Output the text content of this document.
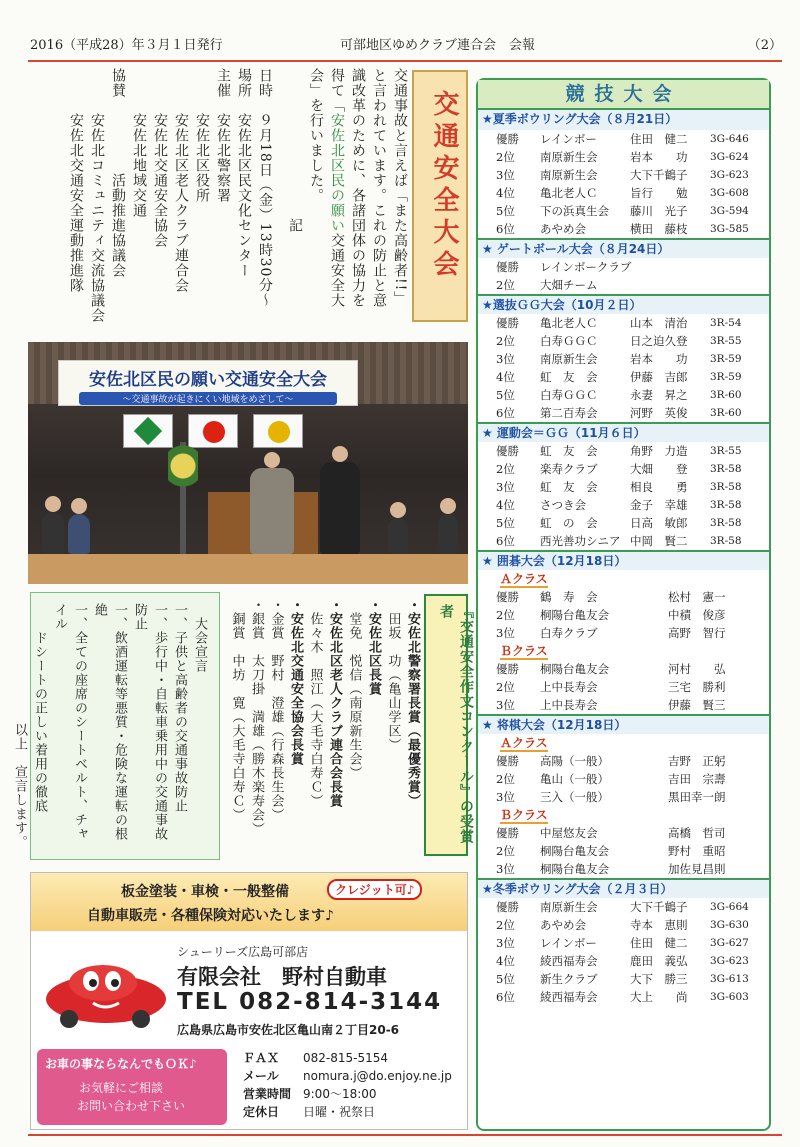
2016（平成28）年３月１日発行	可部地区ゆめクラブ連合会　会報	（2）
交通事故と言えば「また高齢者!!」
と言われています。これの防止と意
識改革のために、各諸団体の協力を
得て「安佐北区民の願い交通安全大
会」を行いました。
記
日時　９月18日（金）13時30分～
場所　安佐北区民文化センター
主催　安佐北警察署
　　　安佐北区役所
　　　安佐北区老人クラブ連合会
　　　安佐北交通安全協会
　　　安佐北地域交通
協賛　　　　　活動推進協議会
　　　安佐北コミュニティ交流協議会
　　　安佐北交通安全運動推進隊	交通安全大会
安佐北区民の願い交通安全大会
～交通事故が起きにくい地域をめざして～
大会宣言
一、子供と高齢者の交通事故防止
一、歩行中・自転車乗用中の交通事故防止
一、飲酒運転等悪質・危険な運転の根絶
一、全ての座席のシートベルト、チャイル
　　ドシートの正しい着用の徹底
以上　宣言します。	・安佐北警察署長賞（最優秀賞）
　田坂　功（亀山学区）
・安佐北区長賞
　堂免　悦信（南原新生会）
・安佐北区老人クラブ連合会長賞
　佐々木　照江（大毛寺白寿Ｃ）
・安佐北交通安全協会長賞
・金賞　野村　澄雄（行森長生会）
・銀賞　太刀掛　満雄（勝木楽寿会）
　銅賞　中坊　寛（大毛寺白寿Ｃ）	『交通安全作文コンクール』の受賞者
競技大会
★夏季ボウリング大会（８月21日）
優勝 レインボー	住田　健二 3G-646
2位 南原新生会	岩本　　功 3G-624
3位 南原新生会	大下千鶴子 3G-623
4位 亀北老人Ｃ	旨行　　勉 3G-608
5位 下の浜真生会 藤川　光子 3G-594
6位 あやめ会	横田　藤枝 3G-585
★ ゲートボール大会（８月24日）
優勝 レインボークラブ
2位 大畑チーム
★選抜ＧＧ大会（10月２日）
優勝 亀北老人Ｃ	山本　清治 3R-54
2位 白寿ＧＧＣ	日之迫久登 3R-55
3位 南原新生会	岩本　　功 3R-59
4位 虹　友　会	伊藤　吉郎 3R-59
5位 白寿ＧＧＣ	永妻　昇之 3R-60
6位 第二百寿会	河野　英俊 3R-60
★ 運動会＝ＧＧ（11月６日）
優勝 虹　友　会	角野　力造 3R-55
2位 楽寿クラブ	大畑　　登 3R-58
3位 虹　友　会	相良　　勇 3R-58
4位 さつき会	金子　幸雄 3R-58
5位 虹　の　会	日高　敏郎 3R-58
6位 西光善功シニア 中岡　賢二 3R-58
★ 囲碁大会（12月18日）
Ａクラス
優勝 鶴　寿　会	松村　憲一
2位 桐陽台亀友会	中積　俊彦
3位 白寿クラブ	高野　智行
Ｂクラス
優勝 桐陽台亀友会	河村　　弘
2位 上中長寿会	三宅　勝利
3位 上中長寿会	伊藤　賢三
★ 将棋大会（12月18日）
Ａクラス
優勝 高陽（一般）	吉野　正躬
2位 亀山（一般）	吉田　宗壽
3位 三入（一般）	黒田幸一朗
Ｂクラス
優勝 中屋悠友会	高橋　哲司
2位 桐陽台亀友会	野村　重昭
3位 桐陽台亀友会	加佐見昌則
★冬季ボウリング大会（２月３日）
優勝 南原新生会	大下千鶴子 3G-664
2位 あやめ会	寺本　恵則 3G-630
3位 レインボー	住田　健二 3G-627
4位 綾西福寿会	鹿田　義弘 3G-623
5位 新生クラブ	大下　勝三 3G-613
6位 綾西福寿会	大上　　尚 3G-603
板金塗装・車検・一般整備	クレジット可♪
自動車販売・各種保険対応いたします♪
シューリーズ広島可部店
有限会社　野村自動車
TEL 082-814-3144
広島県広島市安佐北区亀山南２丁目20-6
お車の事ならなんでもＯＫ♪
お気軽にご相談
お問い合わせ下さい
ＦＡＸ 082-815-5154
メール nomura.j@do.enjoy.ne.jp
営業時間 9:00～18:00
定休日 日曜・祝祭日
